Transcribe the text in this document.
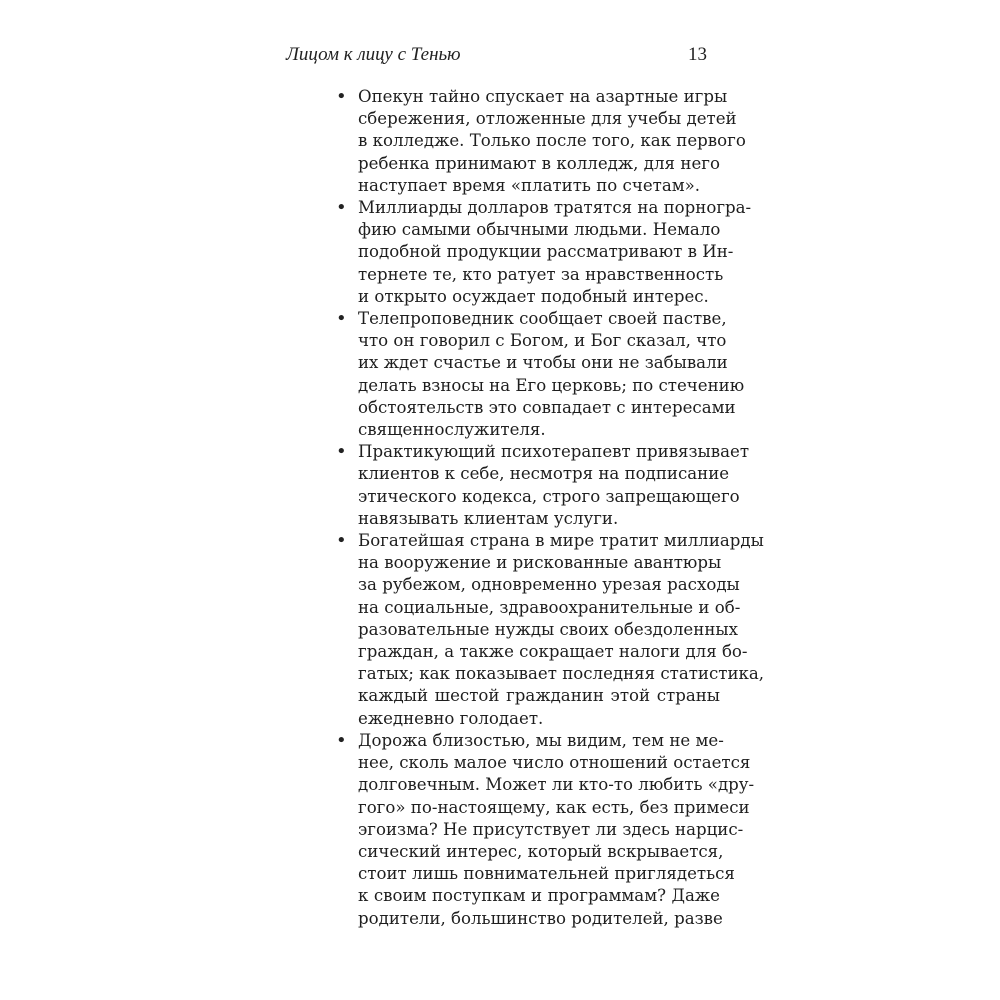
Лицом к лицу с Тенью	13
• Опекун тайно спускает на азартные игры
сбережения, отложенные для учебы детей
в колледже. Только после того, как первого
ребенка принимают в колледж, для него
наступает время «платить по счетам».
• Миллиарды долларов тратятся на порногра-
фию самыми обычными людьми. Немало
подобной продукции рассматривают в Ин-
тернете те, кто ратует за нравственность
и открыто осуждает подобный интерес.
• Телепроповедник сообщает своей пастве,
что он говорил с Богом, и Бог сказал, что
их ждет счастье и чтобы они не забывали
делать взносы на Его церковь; по стечению
обстоятельств это совпадает с интересами
священнослужителя.
• Практикующий психотерапевт привязывает
клиентов к себе, несмотря на подписание
этического кодекса, строго запрещающего
навязывать клиентам услуги.
• Богатейшая страна в мире тратит миллиарды
на вооружение и рискованные авантюры
за рубежом, одновременно урезая расходы
на социальные, здравоохранительные и об-
разовательные нужды своих обездоленных
граждан, а также сокращает налоги для бо-
гатых; как показывает последняя статистика,
каждый шестой гражданин этой страны
ежедневно голодает.
• Дорожа близостью, мы видим, тем не ме-
нее, сколь малое число отношений остается
долговечным. Может ли кто-то любить «дру-
гого» по-настоящему, как есть, без примеси
эгоизма? Не присутствует ли здесь нарцис-
сический интерес, который вскрывается,
стоит лишь повнимательней приглядеться
к своим поступкам и программам? Даже
родители, большинство родителей, разве
